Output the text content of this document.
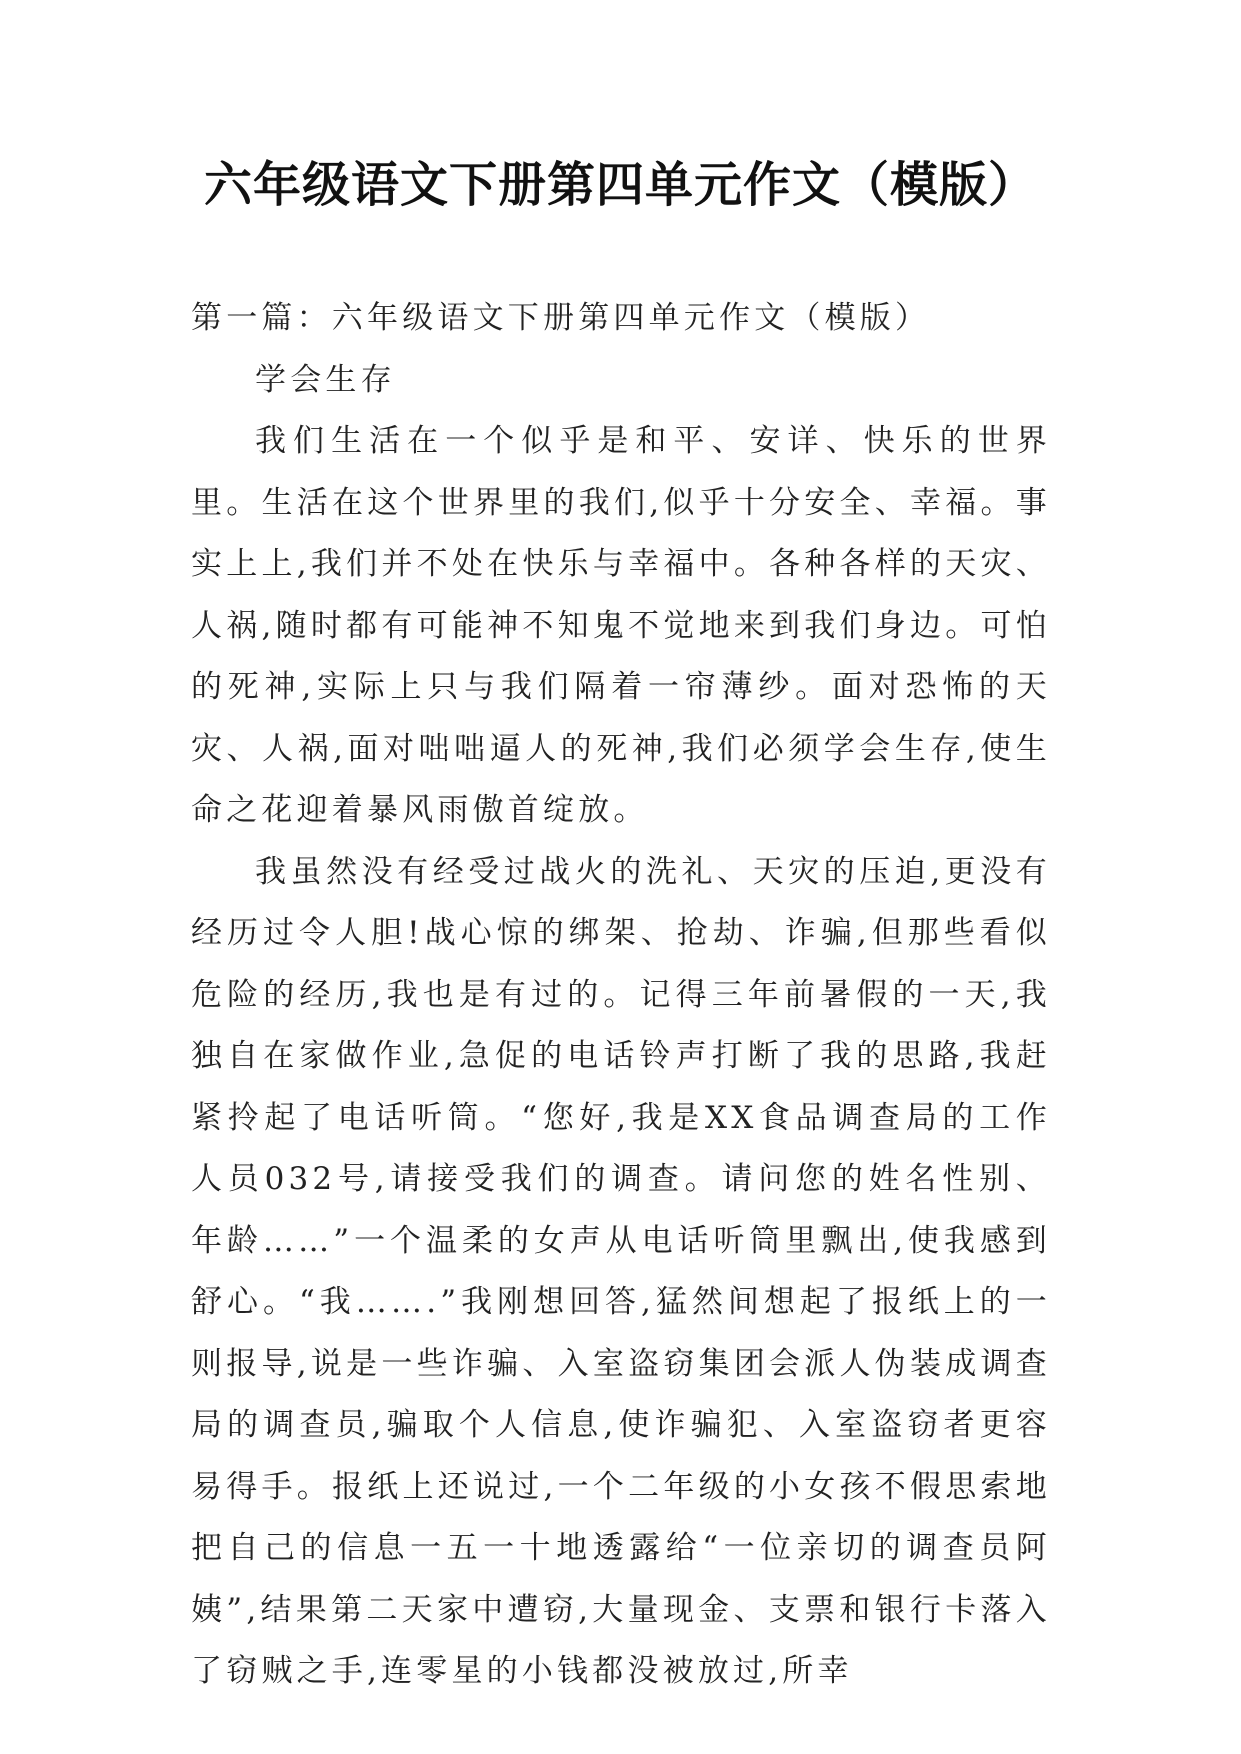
六年级语文下册第四单元作文（模版）

第一篇：六年级语文下册第四单元作文（模版）

学会生存

我们生活在一个似乎是和平、安详、快乐的世界里。生活在这个世界里的我们,似乎十分安全、幸福。事实上上,我们并不处在快乐与幸福中。各种各样的天灾、人祸,随时都有可能神不知鬼不觉地来到我们身边。可怕的死神,实际上只与我们隔着一帘薄纱。面对恐怖的天灾、人祸,面对咄咄逼人的死神,我们必须学会生存,使生命之花迎着暴风雨傲首绽放。

我虽然没有经受过战火的洗礼、天灾的压迫,更没有经历过令人胆!战心惊的绑架、抢劫、诈骗,但那些看似危险的经历,我也是有过的。记得三年前暑假的一天,我独自在家做作业,急促的电话铃声打断了我的思路,我赶紧拎起了电话听筒。“您好,我是XX食品调查局的工作人员032号,请接受我们的调查。请问您的姓名性别、年龄……”一个温柔的女声从电话听筒里飘出,使我感到舒心。“我…….”我刚想回答,猛然间想起了报纸上的一则报导,说是一些诈骗、入室盗窃集团会派人伪装成调查局的调查员,骗取个人信息,使诈骗犯、入室盗窃者更容易得手。报纸上还说过,一个二年级的小女孩不假思索地把自己的信息一五一十地透露给“一位亲切的调查员阿姨”,结果第二天家中遭窃,大量现金、支票和银行卡落入了窃贼之手,连零星的小钱都没被放过,所幸
